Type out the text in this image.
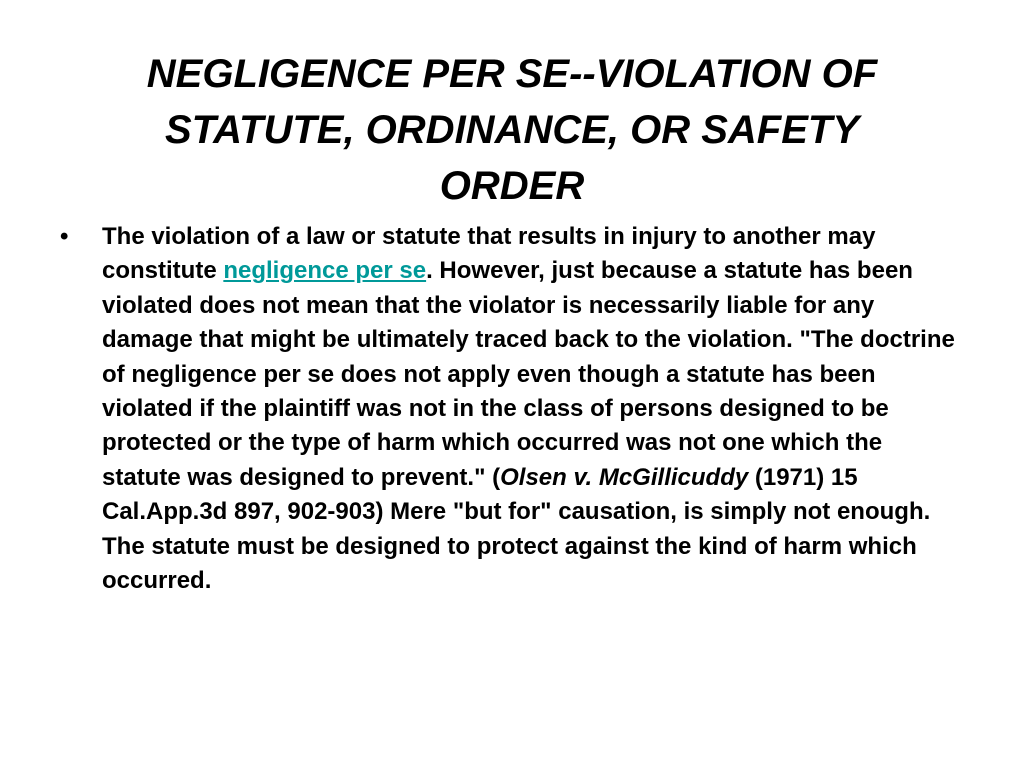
NEGLIGENCE PER SE--VIOLATION OF
STATUTE, ORDINANCE, OR SAFETY
ORDER
• The violation of a law or statute that results in injury to another may constitute negligence per se. However, just because a statute has been violated does not mean that the violator is necessarily liable for any damage that might be ultimately traced back to the violation. "The doctrine of negligence per se does not apply even though a statute has been violated if the plaintiff was not in the class of persons designed to be protected or the type of harm which occurred was not one which the statute was designed to prevent." (Olsen v. McGillicuddy (1971) 15 Cal.App.3d 897, 902-903) Mere "but for" causation, is simply not enough. The statute must be designed to protect against the kind of harm which occurred.
